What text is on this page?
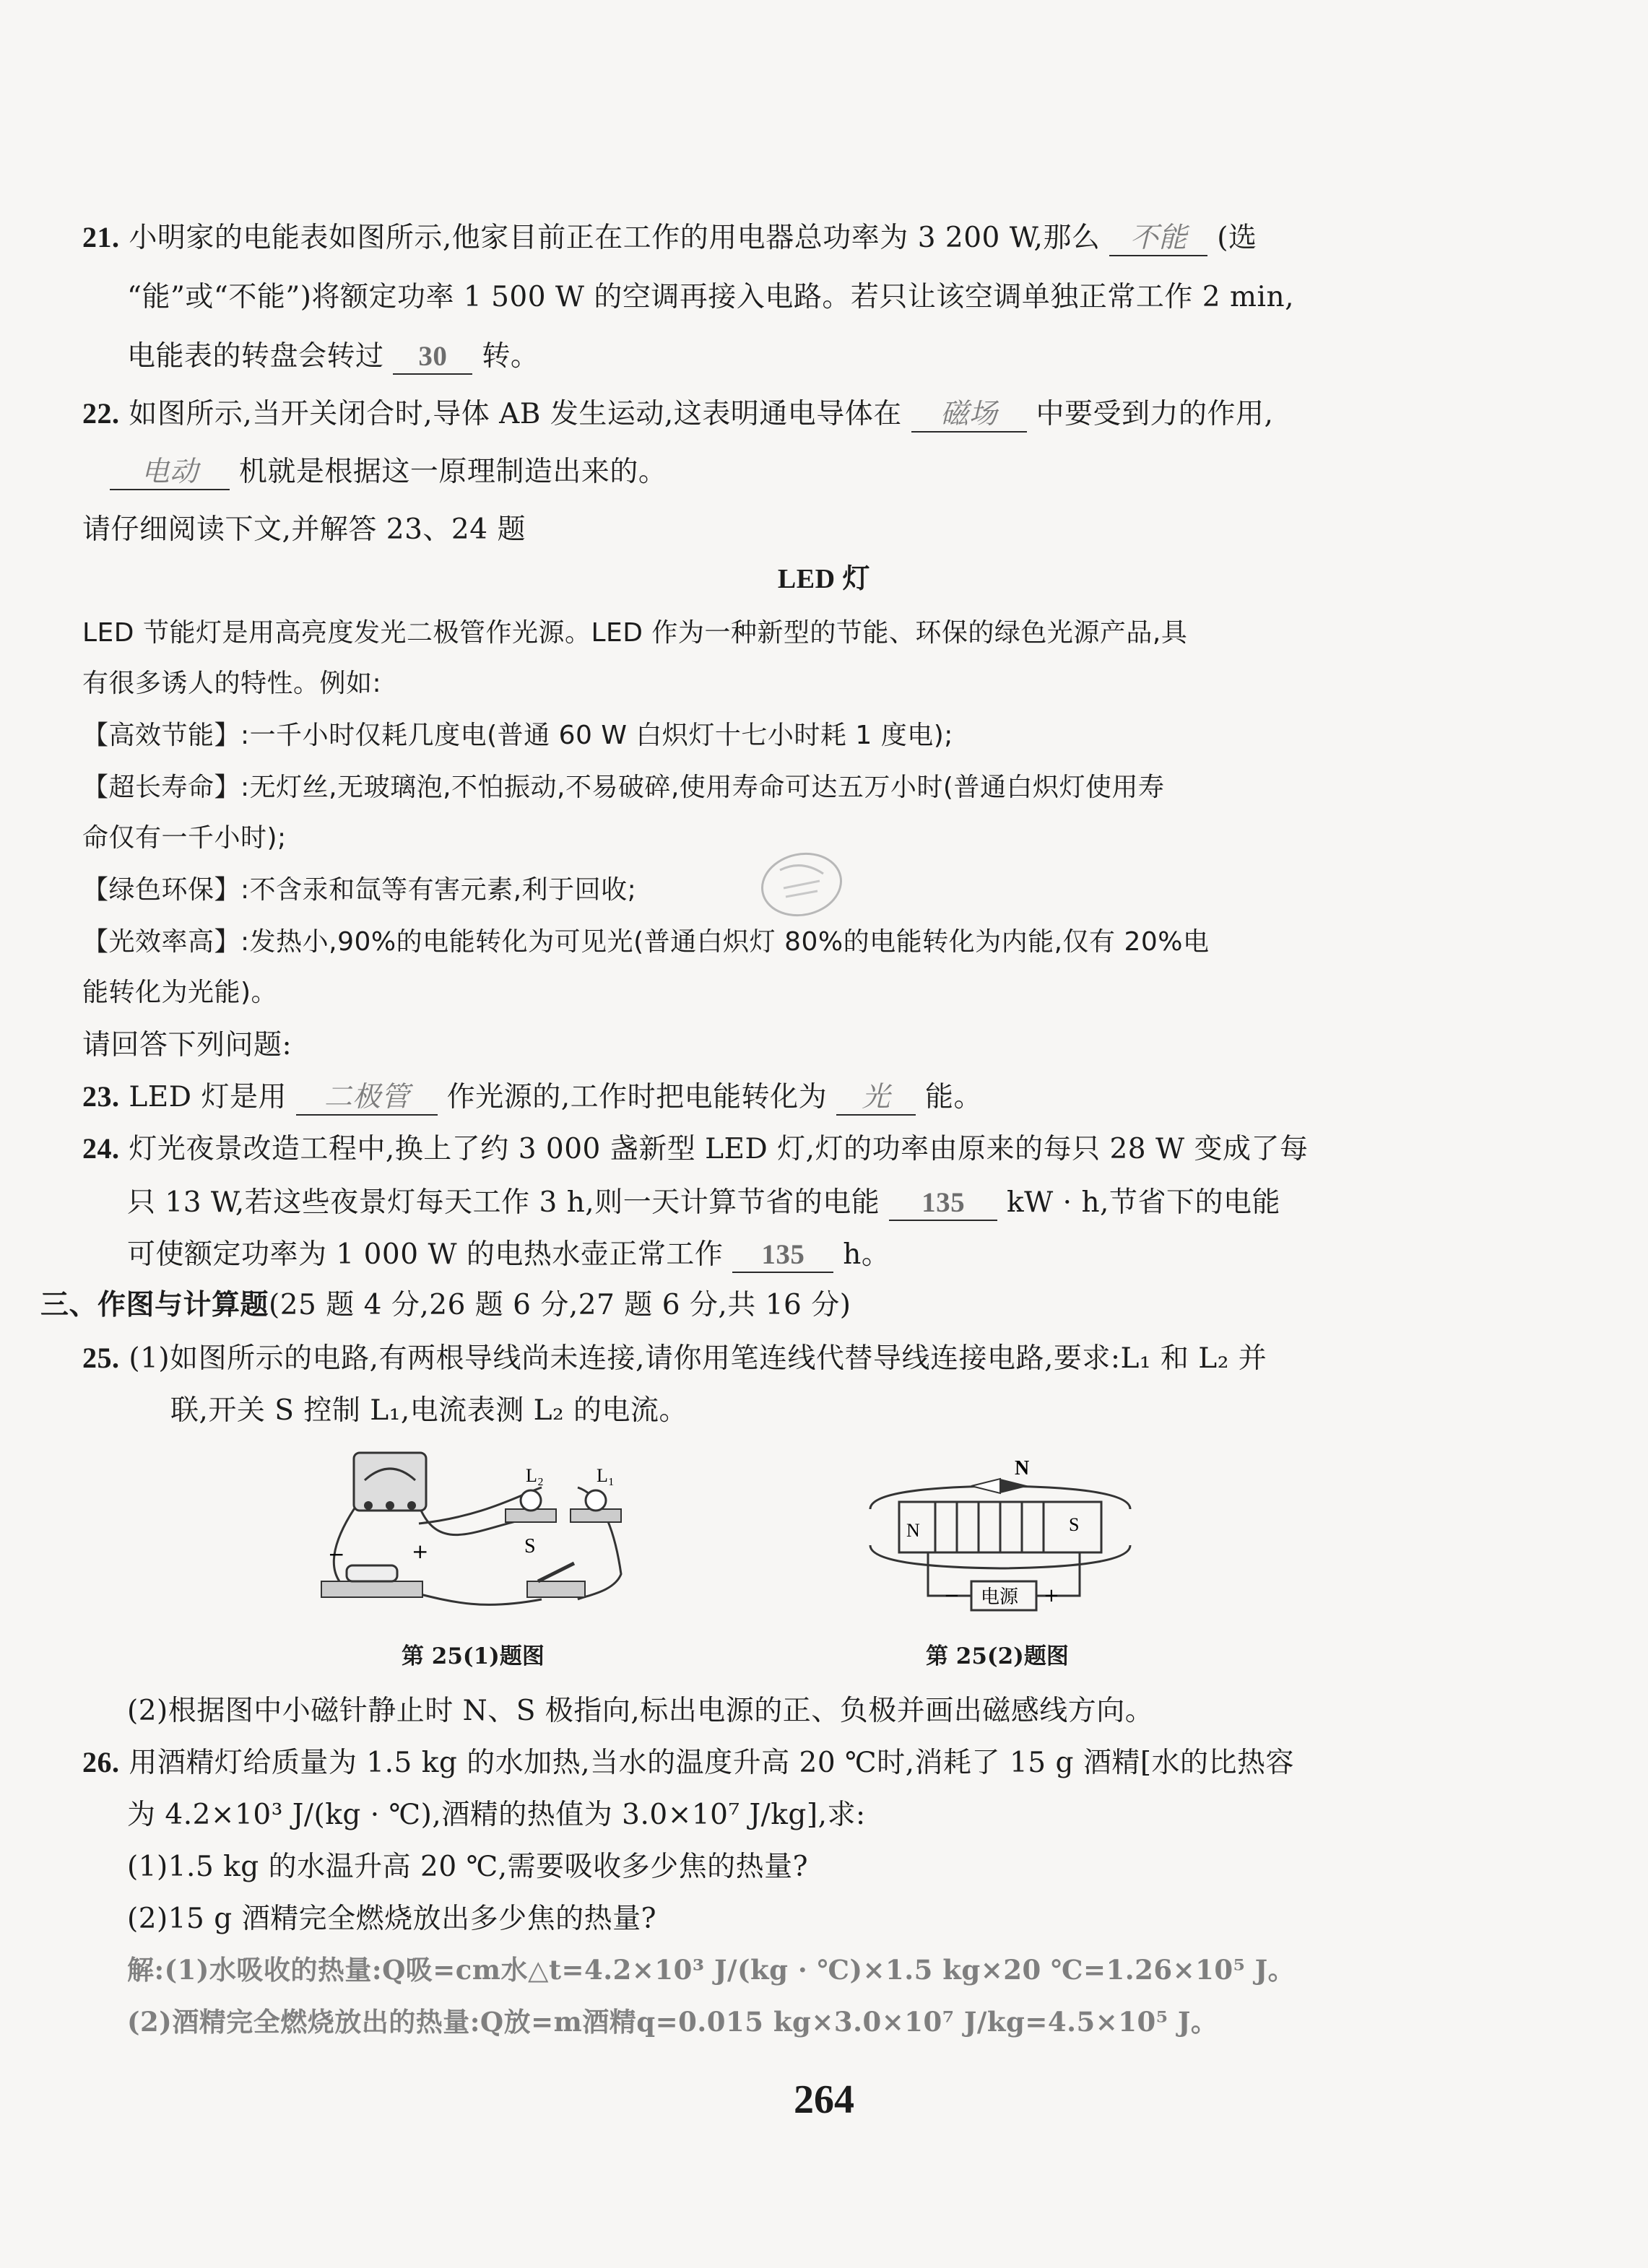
21. 小明家的电能表如图所示,他家目前正在工作的用电器总功率为 3 200 W,那么 不能 (选
“能”或“不能”)将额定功率 1 500 W 的空调再接入电路。若只让该空调单独正常工作 2 min,
电能表的转盘会转过 30 转。
22. 如图所示,当开关闭合时,导体 AB 发生运动,这表明通电导体在 磁场 中要受到力的作用,
电动 机就是根据这一原理制造出来的。
请仔细阅读下文,并解答 23、24 题
LED 灯
LED 节能灯是用高亮度发光二极管作光源。LED 作为一种新型的节能、环保的绿色光源产品,具
有很多诱人的特性。例如:
【高效节能】:一千小时仅耗几度电(普通 60 W 白炽灯十七小时耗 1 度电);
【超长寿命】:无灯丝,无玻璃泡,不怕振动,不易破碎,使用寿命可达五万小时(普通白炽灯使用寿
命仅有一千小时);
【绿色环保】:不含汞和氙等有害元素,利于回收;
【光效率高】:发热小,90%的电能转化为可见光(普通白炽灯 80%的电能转化为内能,仅有 20%电
能转化为光能)。
请回答下列问题:
23. LED 灯是用 二极管 作光源的,工作时把电能转化为 光 能。
24. 灯光夜景改造工程中,换上了约 3 000 盏新型 LED 灯,灯的功率由原来的每只 28 W 变成了每
只 13 W,若这些夜景灯每天工作 3 h,则一天计算节省的电能 135 kW · h,节省下的电能
可使额定功率为 1 000 W 的电热水壶正常工作 135 h。
三、作图与计算题(25 题 4 分,26 题 6 分,27 题 6 分,共 16 分)
25. (1)如图所示的电路,有两根导线尚未连接,请你用笔连线代替导线连接电路,要求:L₁ 和 L₂ 并
联,开关 S 控制 L₁,电流表测 L₂ 的电流。
L₂	L₁
−	+	S
N
N	S
电源
−	+
第 25(1)题图	第 25(2)题图
(2)根据图中小磁针静止时 N、S 极指向,标出电源的正、负极并画出磁感线方向。
26. 用酒精灯给质量为 1.5 kg 的水加热,当水的温度升高 20 ℃时,消耗了 15 g 酒精[水的比热容
为 4.2×10³ J/(kg · ℃),酒精的热值为 3.0×10⁷ J/kg],求:
(1)1.5 kg 的水温升高 20 ℃,需要吸收多少焦的热量?
(2)15 g 酒精完全燃烧放出多少焦的热量?
解:(1)水吸收的热量:Q吸=cm水△t=4.2×10³ J/(kg · ℃)×1.5 kg×20 ℃=1.26×10⁵ J。
(2)酒精完全燃烧放出的热量:Q放=m酒精q=0.015 kg×3.0×10⁷ J/kg=4.5×10⁵ J。
264
